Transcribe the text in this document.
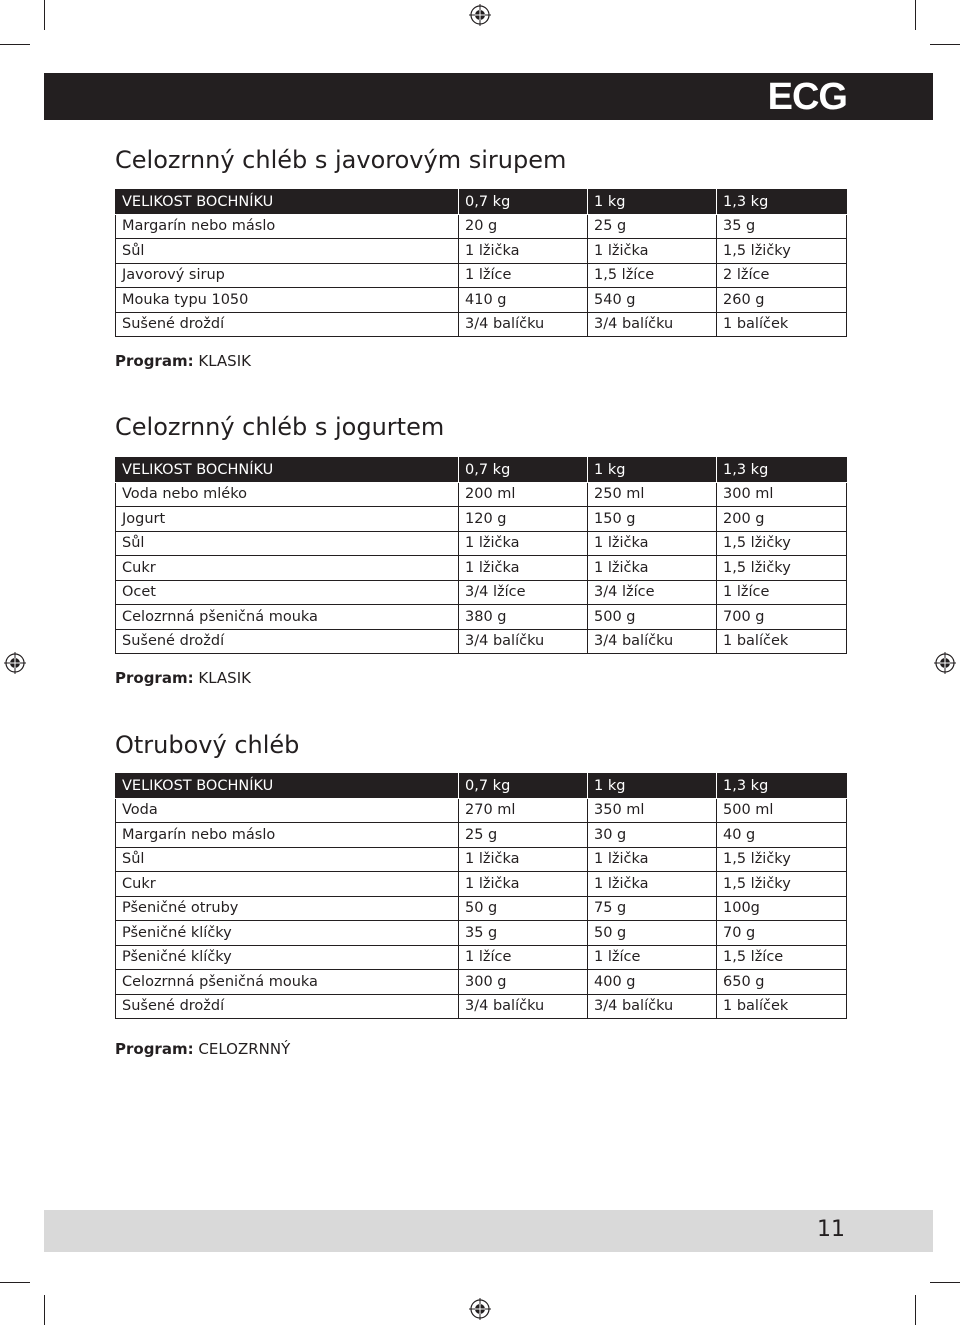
ECG
Celozrnný chléb s javorovým sirupem
VELIKOST BOCHNÍKU	0,7 kg	1 kg	1,3 kg
Margarín nebo máslo	20 g	25 g	35 g
Sůl	1 lžička	1 lžička	1,5 lžičky
Javorový sirup	1 lžíce	1,5 lžíce	2 lžíce
Mouka typu 1050	410 g	540 g	260 g
Sušené droždí	3/4 balíčku	3/4 balíčku	1 balíček
Program: KLASIK
Celozrnný chléb s jogurtem
VELIKOST BOCHNÍKU	0,7 kg	1 kg	1,3 kg
Voda nebo mléko	200 ml	250 ml	300 ml
Jogurt	120 g	150 g	200 g
Sůl	1 lžička	1 lžička	1,5 lžičky
Cukr	1 lžička	1 lžička	1,5 lžičky
Ocet	3/4 lžíce	3/4 lžíce	1 lžíce
Celozrnná pšeničná mouka	380 g	500 g	700 g
Sušené droždí	3/4 balíčku	3/4 balíčku	1 balíček
Program: KLASIK
Otrubový chléb
VELIKOST BOCHNÍKU	0,7 kg	1 kg	1,3 kg
Voda	270 ml	350 ml	500 ml
Margarín nebo máslo	25 g	30 g	40 g
Sůl	1 lžička	1 lžička	1,5 lžičky
Cukr	1 lžička	1 lžička	1,5 lžičky
Pšeničné otruby	50 g	75 g	100g
Pšeničné klíčky	35 g	50 g	70 g
Pšeničné klíčky	1 lžíce	1 lžíce	1,5 lžíce
Celozrnná pšeničná mouka	300 g	400 g	650 g
Sušené droždí	3/4 balíčku	3/4 balíčku	1 balíček
Program: CELOZRNNÝ
11
